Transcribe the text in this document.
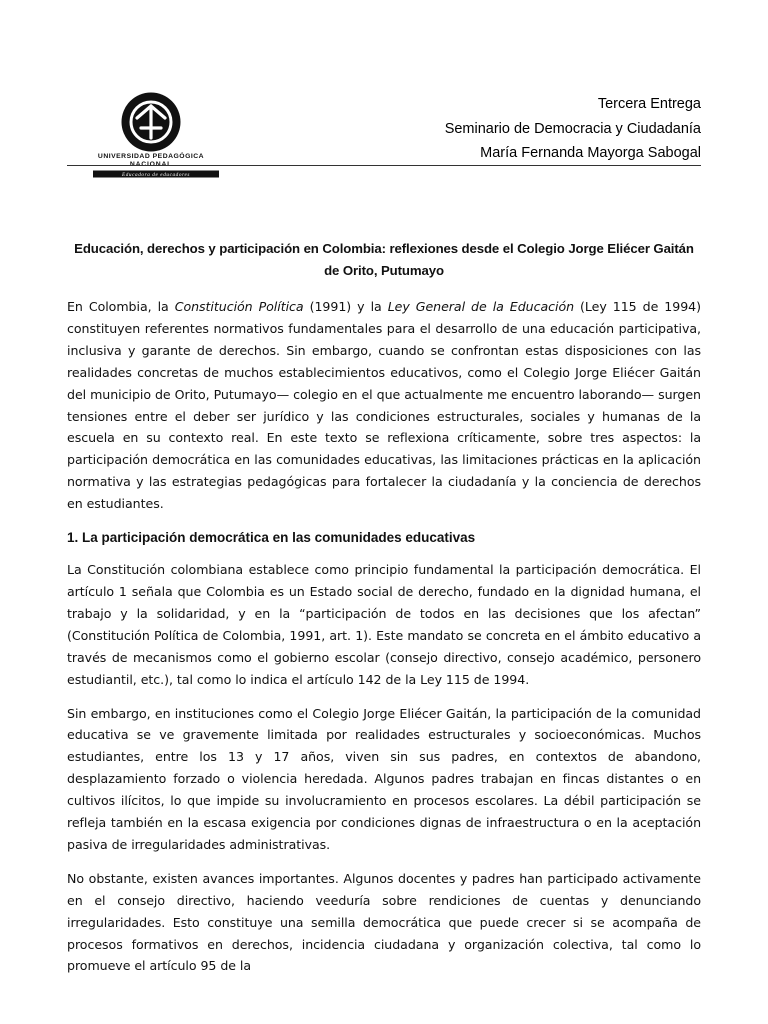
UNIVERSIDAD PEDAGÓGICA
NACIONAL
Educadora de educadores
Tercera Entrega
Seminario de Democracia y Ciudadanía
María Fernanda Mayorga Sabogal
Educación, derechos y participación en Colombia: reflexiones desde el Colegio Jorge Eliécer Gaitán de Orito, Putumayo

En Colombia, la Constitución Política (1991) y la Ley General de la Educación (Ley 115 de 1994) constituyen referentes normativos fundamentales para el desarrollo de una educación participativa, inclusiva y garante de derechos. Sin embargo, cuando se confrontan estas disposiciones con las realidades concretas de muchos establecimientos educativos, como el Colegio Jorge Eliécer Gaitán del municipio de Orito, Putumayo— colegio en el que actualmente me encuentro laborando— surgen tensiones entre el deber ser jurídico y las condiciones estructurales, sociales y humanas de la escuela en su contexto real. En este texto se reflexiona críticamente, sobre tres aspectos: la participación democrática en las comunidades educativas, las limitaciones prácticas en la aplicación normativa y las estrategias pedagógicas para fortalecer la ciudadanía y la conciencia de derechos en estudiantes.

1. La participación democrática en las comunidades educativas

La Constitución colombiana establece como principio fundamental la participación democrática. El artículo 1 señala que Colombia es un Estado social de derecho, fundado en la dignidad humana, el trabajo y la solidaridad, y en la “participación de todos en las decisiones que los afectan” (Constitución Política de Colombia, 1991, art. 1). Este mandato se concreta en el ámbito educativo a través de mecanismos como el gobierno escolar (consejo directivo, consejo académico, personero estudiantil, etc.), tal como lo indica el artículo 142 de la Ley 115 de 1994.

Sin embargo, en instituciones como el Colegio Jorge Eliécer Gaitán, la participación de la comunidad educativa se ve gravemente limitada por realidades estructurales y socioeconómicas. Muchos estudiantes, entre los 13 y 17 años, viven sin sus padres, en contextos de abandono, desplazamiento forzado o violencia heredada. Algunos padres trabajan en fincas distantes o en cultivos ilícitos, lo que impide su involucramiento en procesos escolares. La débil participación se refleja también en la escasa exigencia por condiciones dignas de infraestructura o en la aceptación pasiva de irregularidades administrativas.

No obstante, existen avances importantes. Algunos docentes y padres han participado activamente en el consejo directivo, haciendo veeduría sobre rendiciones de cuentas y denunciando irregularidades. Esto constituye una semilla democrática que puede crecer si se acompaña de procesos formativos en derechos, incidencia ciudadana y organización colectiva, tal como lo promueve el artículo 95 de la
